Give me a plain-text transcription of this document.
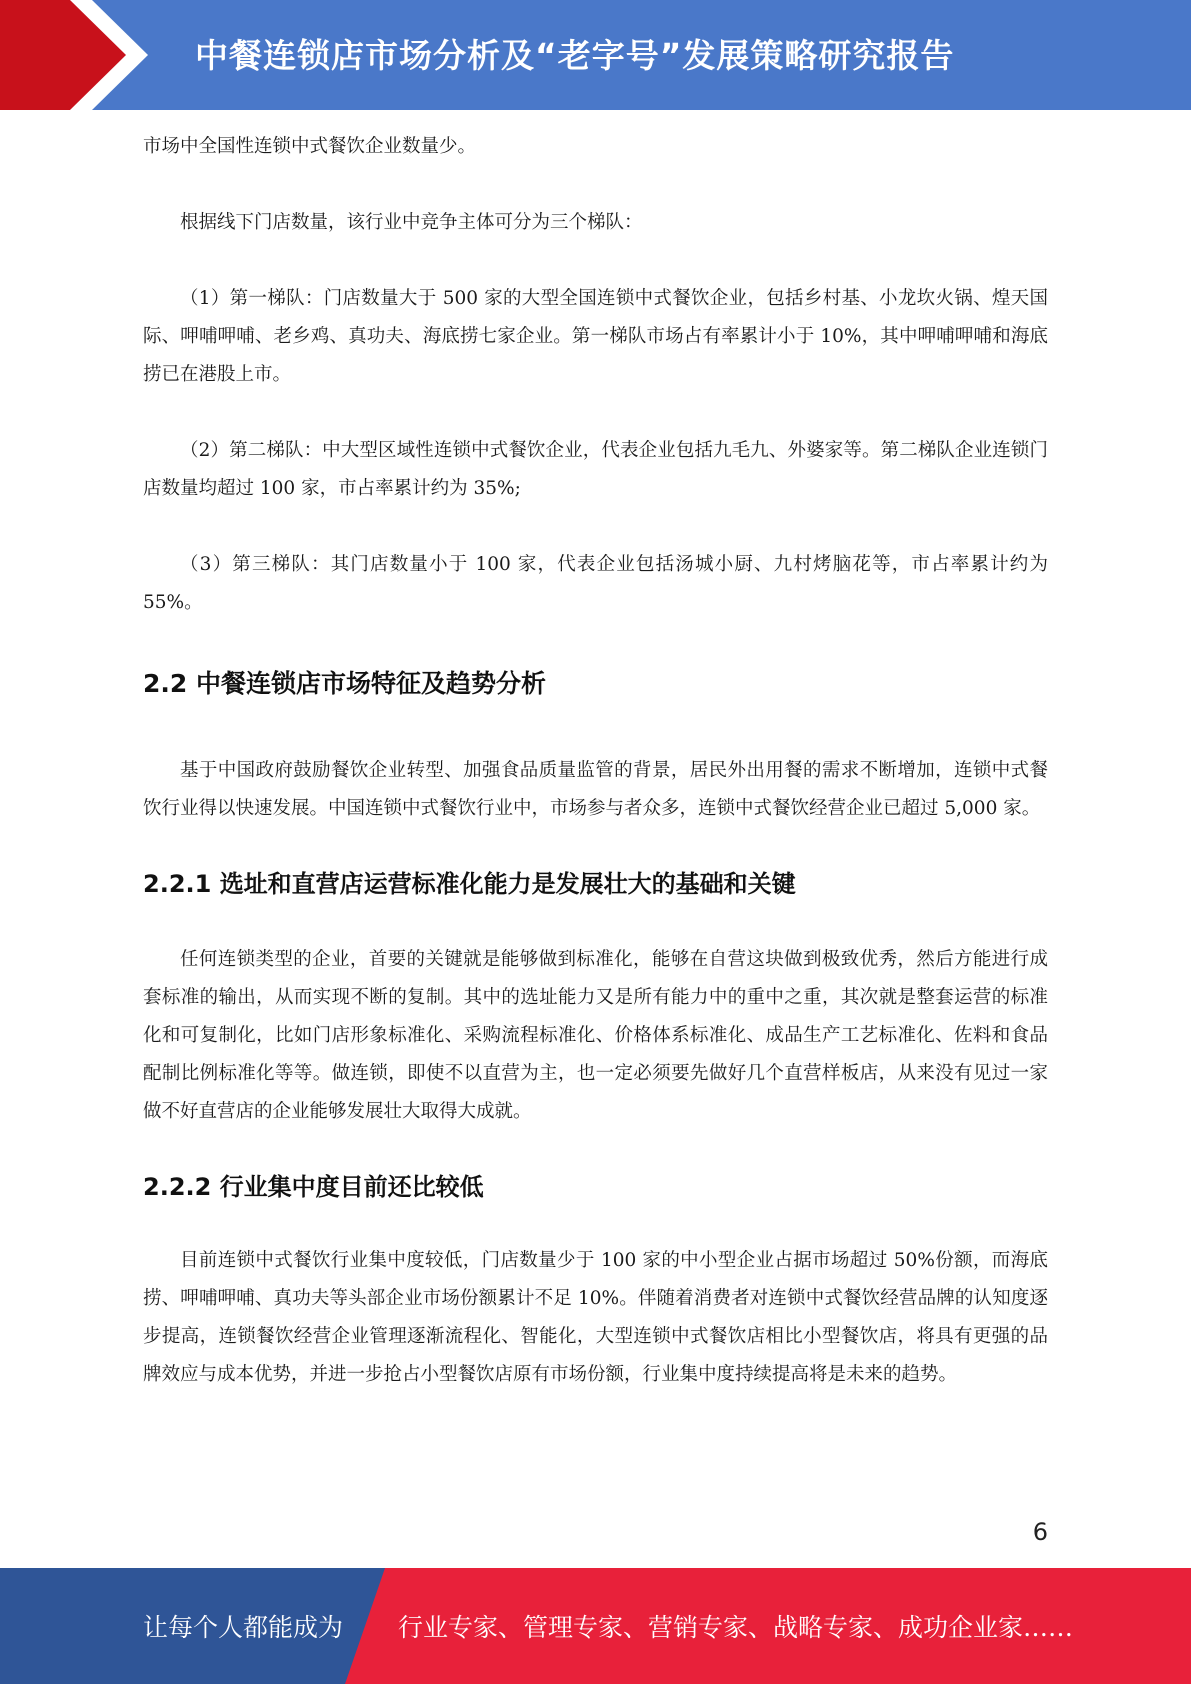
中餐连锁店市场分析及“老字号”发展策略研究报告

市场中全国性连锁中式餐饮企业数量少。

根据线下门店数量，该行业中竞争主体可分为三个梯队：

（1）第一梯队：门店数量大于 500 家的大型全国连锁中式餐饮企业，包括乡村基、小龙坎火锅、煌天国际、呷哺呷哺、老乡鸡、真功夫、海底捞七家企业。第一梯队市场占有率累计小于 10%，其中呷哺呷哺和海底捞已在港股上市。

（2）第二梯队：中大型区域性连锁中式餐饮企业，代表企业包括九毛九、外婆家等。第二梯队企业连锁门店数量均超过 100 家，市占率累计约为 35%;

（3）第三梯队：其门店数量小于 100 家，代表企业包括汤城小厨、九村烤脑花等，市占率累计约为 55%。

2.2 中餐连锁店市场特征及趋势分析

基于中国政府鼓励餐饮企业转型、加强食品质量监管的背景，居民外出用餐的需求不断增加，连锁中式餐饮行业得以快速发展。中国连锁中式餐饮行业中，市场参与者众多，连锁中式餐饮经营企业已超过 5,000 家。

2.2.1 选址和直营店运营标准化能力是发展壮大的基础和关键

任何连锁类型的企业，首要的关键就是能够做到标准化，能够在自营这块做到极致优秀，然后方能进行成套标准的输出，从而实现不断的复制。其中的选址能力又是所有能力中的重中之重，其次就是整套运营的标准化和可复制化，比如门店形象标准化、采购流程标准化、价格体系标准化、成品生产工艺标准化、佐料和食品配制比例标准化等等。做连锁，即使不以直营为主，也一定必须要先做好几个直营样板店，从来没有见过一家做不好直营店的企业能够发展壮大取得大成就。

2.2.2 行业集中度目前还比较低

目前连锁中式餐饮行业集中度较低，门店数量少于 100 家的中小型企业占据市场超过 50%份额，而海底捞、呷哺呷哺、真功夫等头部企业市场份额累计不足 10%。伴随着消费者对连锁中式餐饮经营品牌的认知度逐步提高，连锁餐饮经营企业管理逐渐流程化、智能化，大型连锁中式餐饮店相比小型餐饮店，将具有更强的品牌效应与成本优势，并进一步抢占小型餐饮店原有市场份额，行业集中度持续提高将是未来的趋势。

6
让每个人都能成为 行业专家、管理专家、营销专家、战略专家、成功企业家……
